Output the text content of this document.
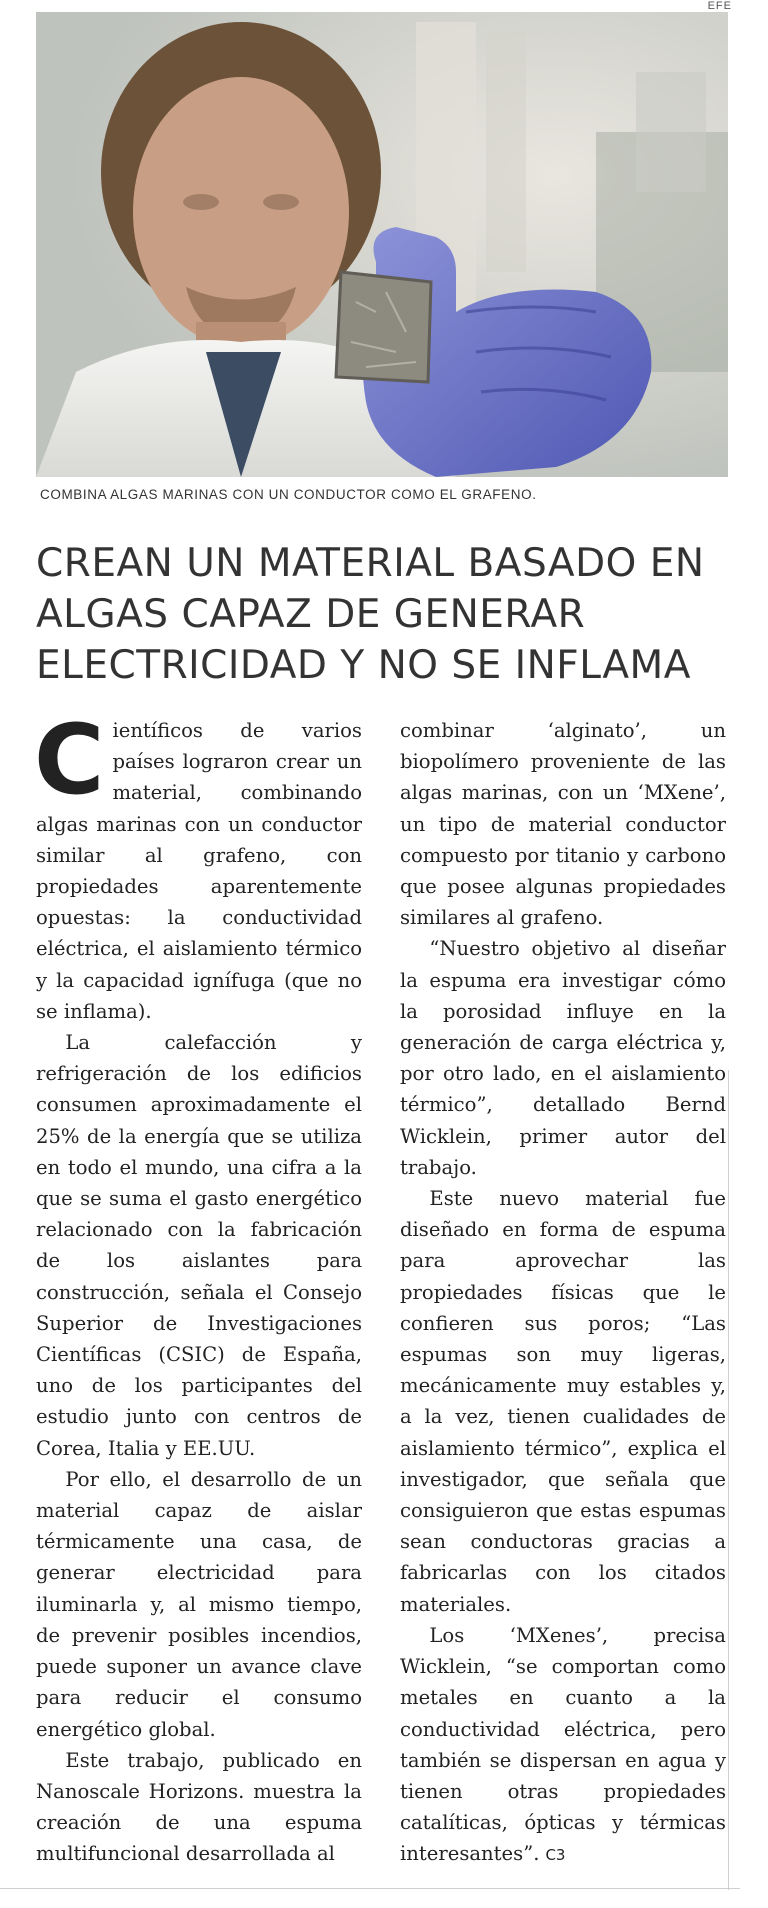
EFE
COMBINA ALGAS MARINAS CON UN CONDUCTOR COMO EL GRAFENO.
CREAN UN MATERIAL BASADO EN ALGAS CAPAZ DE GENERAR ELECTRICIDAD Y NO SE INFLAMA

Científicos de varios países lograron crear un material, combinando algas marinas con un conductor similar al grafeno, con propiedades aparentemente opuestas: la conductividad eléctrica, el aislamiento térmico y la capacidad ignífuga (que no se inflama).

La calefacción y refrigeración de los edificios consumen aproximadamente el 25% de la energía que se utiliza en todo el mundo, una cifra a la que se suma el gasto energético relacionado con la fabricación de los aislantes para construcción, señala el Consejo Superior de Investigaciones Científicas (CSIC) de España, uno de los participantes del estudio junto con centros de Corea, Italia y EE.UU.

Por ello, el desarrollo de un material capaz de aislar térmicamente una casa, de generar electricidad para iluminarla y, al mismo tiempo, de prevenir posibles incendios, puede suponer un avance clave para reducir el consumo energético global.

Este trabajo, publicado en Nanoscale Horizons. muestra la creación de una espuma multifuncional desarrollada al

combinar ‘alginato’, un biopolímero proveniente de las algas marinas, con un ‘MXene’, un tipo de material conductor compuesto por titanio y carbono que posee algunas propiedades similares al grafeno.

“Nuestro objetivo al diseñar la espuma era investigar cómo la porosidad influye en la generación de carga eléctrica y, por otro lado, en el aislamiento térmico”, detallado Bernd Wicklein, primer autor del trabajo.

Este nuevo material fue diseñado en forma de espuma para aprovechar las propiedades físicas que le confieren sus poros; “Las espumas son muy ligeras, mecánicamente muy estables y, a la vez, tienen cualidades de aislamiento térmico”, explica el investigador, que señala que consiguieron que estas espumas sean conductoras gracias a fabricarlas con los citados materiales.

Los ‘MXenes’, precisa Wicklein, “se comportan como metales en cuanto a la conductividad eléctrica, pero también se dispersan en agua y tienen otras propiedades catalíticas, ópticas y térmicas interesantes”. C3
